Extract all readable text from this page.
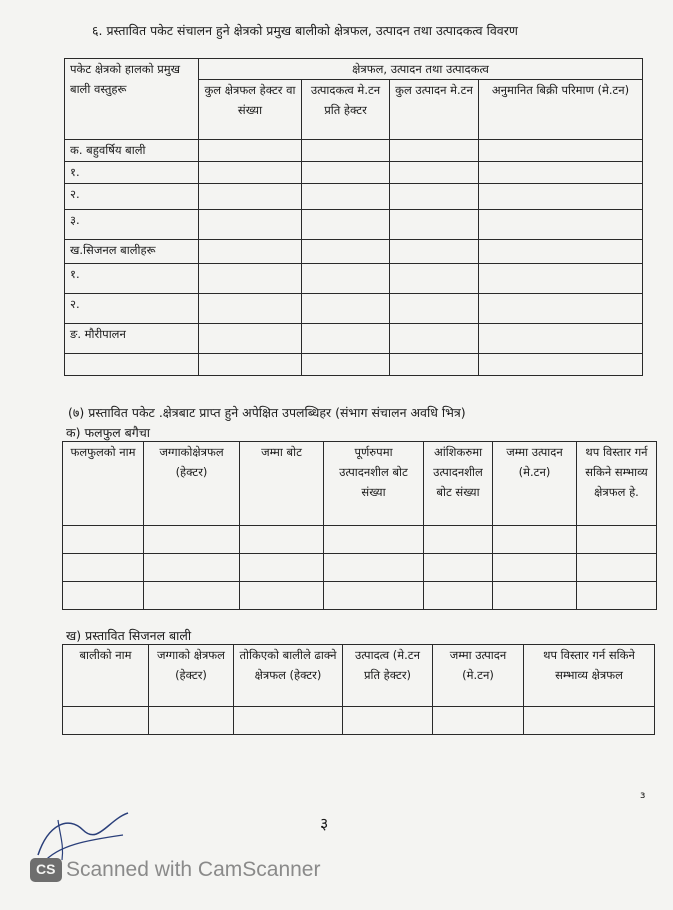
६. प्रस्तावित पकेट संचालन हुने क्षेत्रको प्रमुख बालीको क्षेत्रफल, उत्पादन तथा उत्पादकत्व विवरण
पकेट क्षेत्रको हालको प्रमुख बाली वस्तुहरू	क्षेत्रफल, उत्पादन तथा उत्पादकत्व			
	कुल क्षेत्रफल हेक्टर वा संख्या	उत्पादकत्व मे.टन प्रति हेक्टर	कुल उत्पादन मे.टन	अनुमानित बिक्री परिमाण (मे.टन)
क. बहुवर्षिय बाली				
१.				
२.				
३.				
ख.सिजनल बालीहरू				
१.				
२.				
ङ. मौरीपालन				

(७) प्रस्तावित पकेट .क्षेत्रबाट प्राप्त हुने अपेक्षित उपलब्धिहर (संभाग संचालन अवधि भित्र)
क) फलफुल बगैचा
फलफुलको नाम	जग्गाकोक्षेत्रफल (हेक्टर)	जम्मा बोट	पूर्णरुपमा उत्पादनशील बोट संख्या	आंशिकरुमा उत्पादनशील बोट संख्या	जम्मा उत्पादन (मे.टन)	थप विस्तार गर्न सकिने सम्भाव्य क्षेत्रफल हे.

ख) प्रस्तावित सिजनल बाली
बालीको नाम	जग्गाको क्षेत्रफल (हेक्टर)	तोकिएको बालीले ढाक्ने क्षेत्रफल (हेक्टर)	उत्पादत्व (मे.टन प्रति हेक्टर)	जम्मा उत्पादन (मे.टन)	थप विस्तार गर्न सकिने सम्भाव्य क्षेत्रफल

ɜ
३
CS Scanned with CamScanner
